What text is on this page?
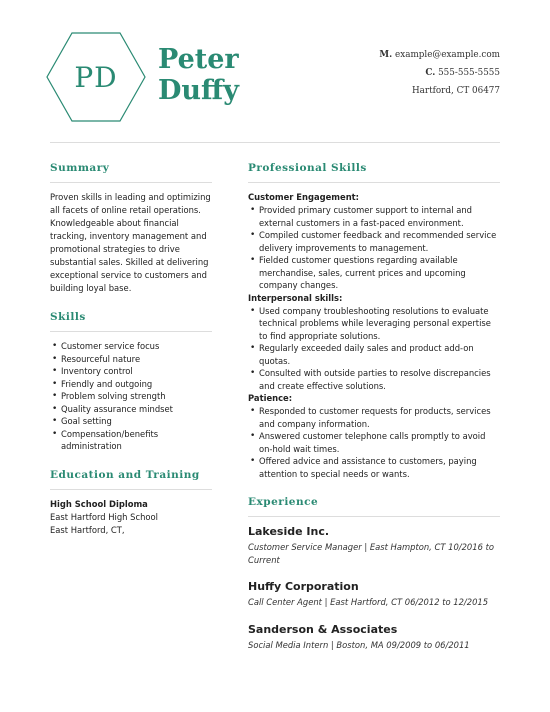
PD
Peter
Duffy
M. example@example.com
C. 555-555-5555
Hartford, CT 06477
Summary
Proven skills in leading and optimizing all facets of online retail operations. Knowledgeable about financial tracking, inventory management and promotional strategies to drive substantial sales. Skilled at delivering exceptional service to customers and building loyal base.
Skills
• Customer service focus
• Resourceful nature
• Inventory control
• Friendly and outgoing
• Problem solving strength
• Quality assurance mindset
• Goal setting
• Compensation/benefits administration
Education and Training
High School Diploma
East Hartford High School
East Hartford, CT,
Professional Skills
Customer Engagement:
• Provided primary customer support to internal and external customers in a fast-paced environment.
• Compiled customer feedback and recommended service delivery improvements to management.
• Fielded customer questions regarding available merchandise, sales, current prices and upcoming company changes.
Interpersonal skills:
• Used company troubleshooting resolutions to evaluate technical problems while leveraging personal expertise to find appropriate solutions.
• Regularly exceeded daily sales and product add-on quotas.
• Consulted with outside parties to resolve discrepancies and create effective solutions.
Patience:
• Responded to customer requests for products, services and company information.
• Answered customer telephone calls promptly to avoid on-hold wait times.
• Offered advice and assistance to customers, paying attention to special needs or wants.
Experience
Lakeside Inc.
Customer Service Manager | East Hampton, CT 10/2016 to Current
Huffy Corporation
Call Center Agent | East Hartford, CT 06/2012 to 12/2015
Sanderson & Associates
Social Media Intern | Boston, MA 09/2009 to 06/2011
